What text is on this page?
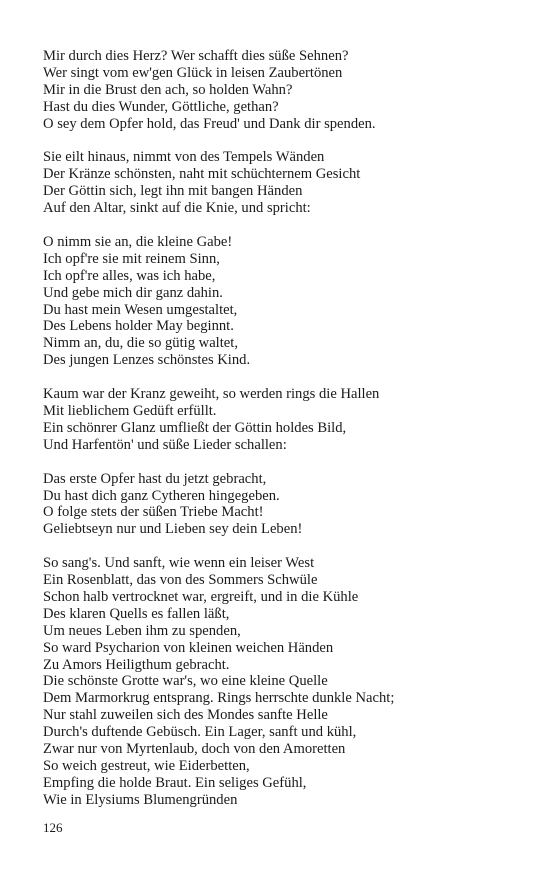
Mir durch dies Herz? Wer schafft dies süße Sehnen?
Wer singt vom ew'gen Glück in leisen Zaubertönen
Mir in die Brust den ach, so holden Wahn?
Hast du dies Wunder, Göttliche, gethan?
O sey dem Opfer hold, das Freud' und Dank dir spenden.
Sie eilt hinaus, nimmt von des Tempels Wänden
Der Kränze schönsten, naht mit schüchternem Gesicht
Der Göttin sich, legt ihn mit bangen Händen
Auf den Altar, sinkt auf die Knie, und spricht:
O nimm sie an, die kleine Gabe!
Ich opf're sie mit reinem Sinn,
Ich opf're alles, was ich habe,
Und gebe mich dir ganz dahin.
Du hast mein Wesen umgestaltet,
Des Lebens holder May beginnt.
Nimm an, du, die so gütig waltet,
Des jungen Lenzes schönstes Kind.
Kaum war der Kranz geweiht, so werden rings die Hallen
Mit lieblichem Gedüft erfüllt.
Ein schönrer Glanz umfließt der Göttin holdes Bild,
Und Harfentön' und süße Lieder schallen:
Das erste Opfer hast du jetzt gebracht,
Du hast dich ganz Cytheren hingegeben.
O folge stets der süßen Triebe Macht!
Geliebtseyn nur und Lieben sey dein Leben!
So sang's. Und sanft, wie wenn ein leiser West
Ein Rosenblatt, das von des Sommers Schwüle
Schon halb vertrocknet war, ergreift, und in die Kühle
Des klaren Quells es fallen läßt,
Um neues Leben ihm zu spenden,
So ward Psycharion von kleinen weichen Händen
Zu Amors Heiligthum gebracht.
Die schönste Grotte war's, wo eine kleine Quelle
Dem Marmorkrug entsprang. Rings herrschte dunkle Nacht;
Nur stahl zuweilen sich des Mondes sanfte Helle
Durch's duftende Gebüsch. Ein Lager, sanft und kühl,
Zwar nur von Myrtenlaub, doch von den Amoretten
So weich gestreut, wie Eiderbetten,
Empfing die holde Braut. Ein seliges Gefühl,
Wie in Elysiums Blumengründen
126
